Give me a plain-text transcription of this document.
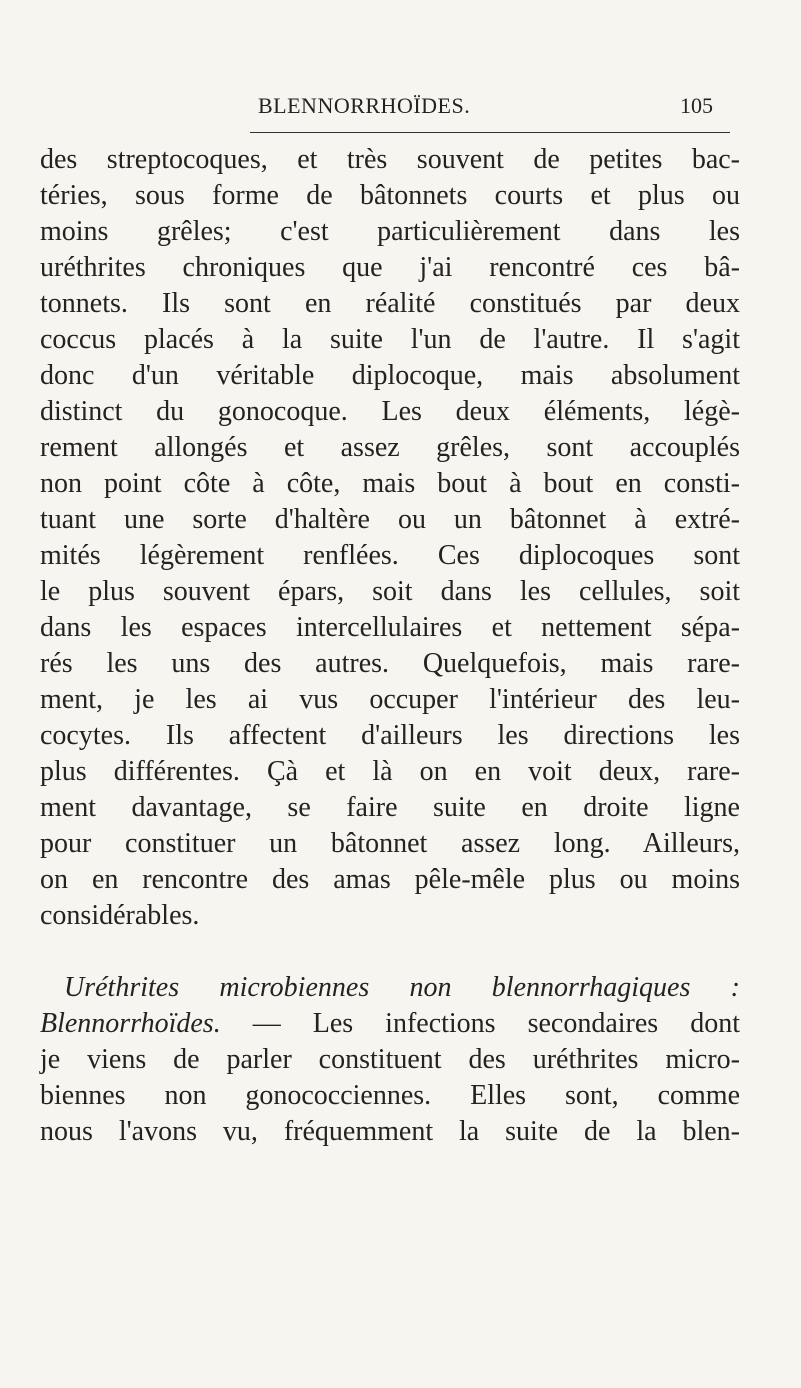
BLENNORRHOÏDES.	105
des streptocoques, et très souvent de petites bac-
téries, sous forme de bâtonnets courts et plus ou
moins grêles; c'est particulièrement dans les
uréthrites chroniques que j'ai rencontré ces bâ-
tonnets. Ils sont en réalité constitués par deux
coccus placés à la suite l'un de l'autre. Il s'agit
donc d'un véritable diplocoque, mais absolument
distinct du gonocoque. Les deux éléments, légè-
rement allongés et assez grêles, sont accouplés
non point côte à côte, mais bout à bout en consti-
tuant une sorte d'haltère ou un bâtonnet à extré-
mités légèrement renflées. Ces diplocoques sont
le plus souvent épars, soit dans les cellules, soit
dans les espaces intercellulaires et nettement sépa-
rés les uns des autres. Quelquefois, mais rare-
ment, je les ai vus occuper l'intérieur des leu-
cocytes. Ils affectent d'ailleurs les directions les
plus différentes. Çà et là on en voit deux, rare-
ment davantage, se faire suite en droite ligne
pour constituer un bâtonnet assez long. Ailleurs,
on en rencontre des amas pêle-mêle plus ou moins
considérables.
Uréthrites microbiennes non blennorrhagiques :
Blennorrhoïdes. — Les infections secondaires dont
je viens de parler constituent des uréthrites micro-
biennes non gonococciennes. Elles sont, comme
nous l'avons vu, fréquemment la suite de la blen-
